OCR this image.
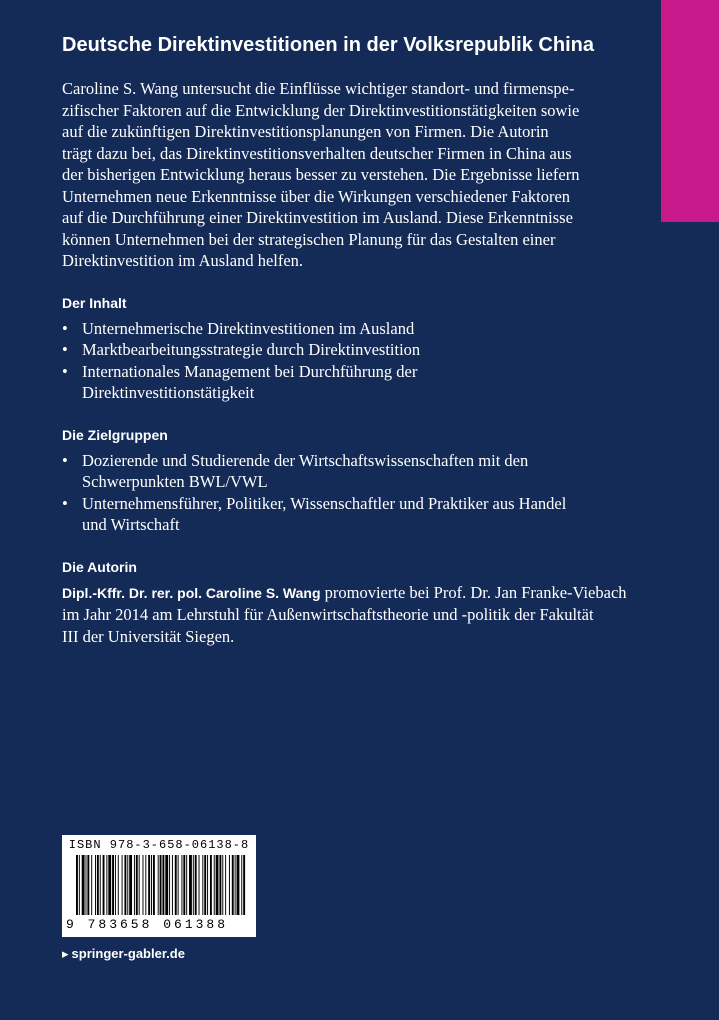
Deutsche Direktinvestitionen in der Volksrepublik China

Caroline S. Wang untersucht die Einflüsse wichtiger standort- und firmenspe-
zifischer Faktoren auf die Entwicklung der Direktinvestitionstätigkeiten sowie
auf die zukünftigen Direktinvestitionsplanungen von Firmen. Die Autorin
trägt dazu bei, das Direktinvestitionsverhalten deutscher Firmen in China aus
der bisherigen Entwicklung heraus besser zu verstehen. Die Ergebnisse liefern
Unternehmen neue Erkenntnisse über die Wirkungen verschiedener Faktoren
auf die Durchführung einer Direktinvestition im Ausland. Diese Erkenntnisse
können Unternehmen bei der strategischen Planung für das Gestalten einer
Direktinvestition im Ausland helfen.

Der Inhalt
• Unternehmerische Direktinvestitionen im Ausland
• Marktbearbeitungsstrategie durch Direktinvestition
• Internationales Management bei Durchführung der
Direktinvestitionstätigkeit
Die Zielgruppen
• Dozierende und Studierende der Wirtschaftswissenschaften mit den
Schwerpunkten BWL/VWL
• Unternehmensführer, Politiker, Wissenschaftler und Praktiker aus Handel
und Wirtschaft
Die Autorin

Dipl.-Kffr. Dr. rer. pol. Caroline S. Wang promovierte bei Prof. Dr. Jan Franke-Viebach
im Jahr 2014 am Lehrstuhl für Außenwirtschaftstheorie und -politik der Fakultät
III der Universität Siegen.

ISBN 978-3-658-06138-8
9 783658 061388
▸ springer-gabler.de
